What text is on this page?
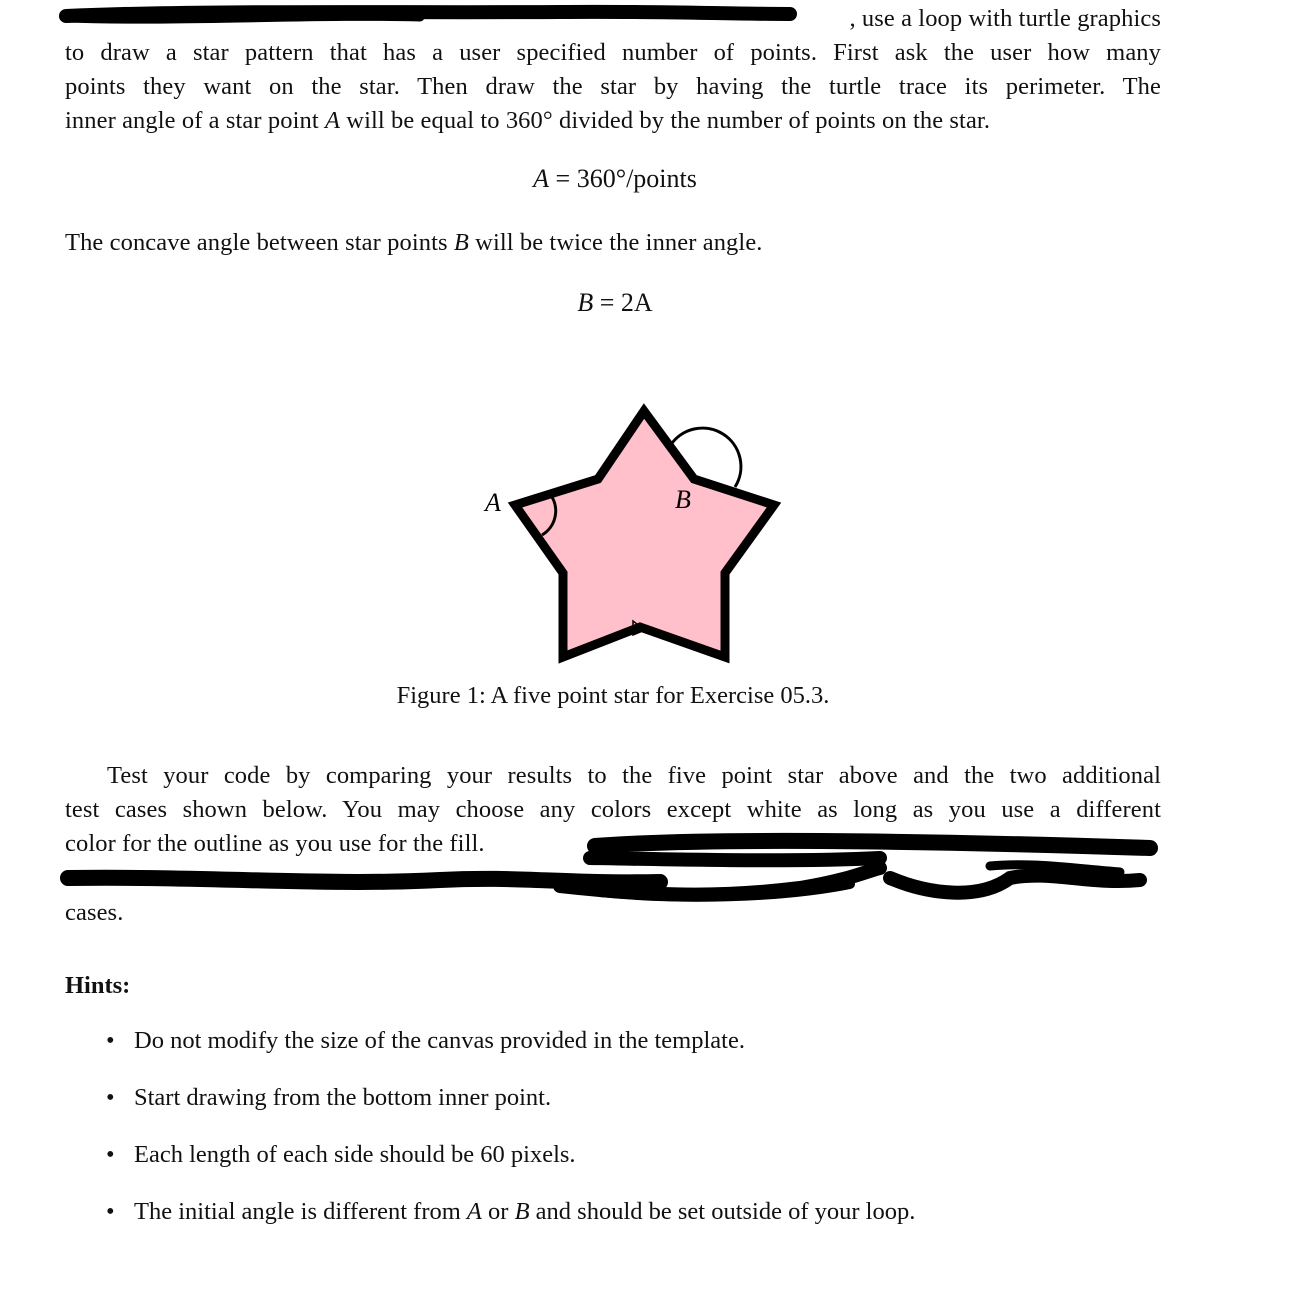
, use a loop with turtle graphics
to draw a star pattern that has a user specified number of points. First ask the user how many
points they want on the star. Then draw the star by having the turtle trace its perimeter. The
inner angle of a star point A will be equal to 360° divided by the number of points on the star.
A = 360°/points
The concave angle between star points B will be twice the inner angle.
B = 2A
A	B
Figure 1: A five point star for Exercise 05.3.
Test your code by comparing your results to the five point star above and the two additional
test cases shown below. You may choose any colors except white as long as you use a different
color for the outline as you use for the fill.

cases.
Hints:
• Do not modify the size of the canvas provided in the template.
• Start drawing from the bottom inner point.
• Each length of each side should be 60 pixels.
• The initial angle is different from A or B and should be set outside of your loop.
